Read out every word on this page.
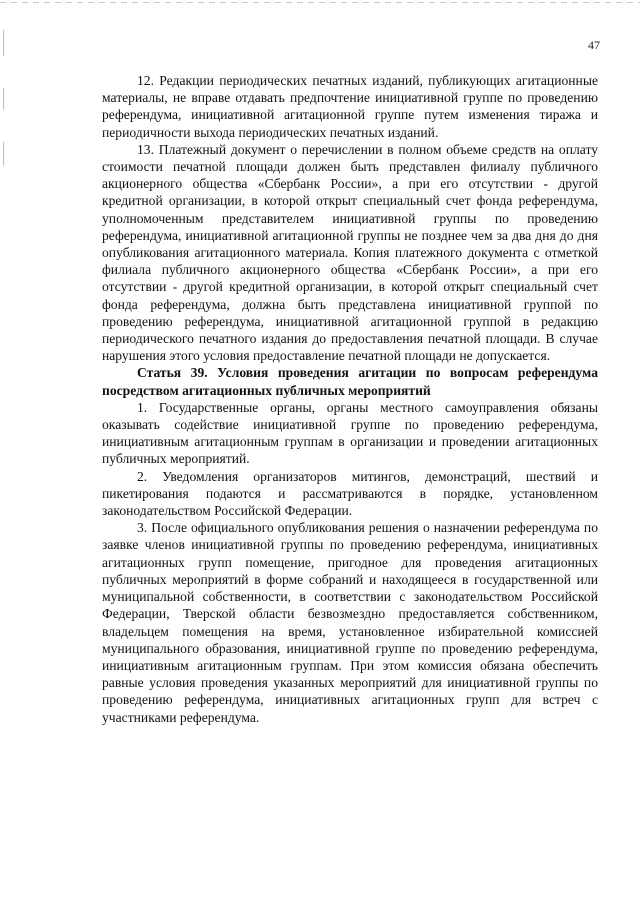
47

12. Редакции периодических печатных изданий, публикующих агитационные материалы, не вправе отдавать предпочтение инициативной группе по проведению референдума, инициативной агитационной группе путем изменения тиража и периодичности выхода периодических печатных изданий.

13. Платежный документ о перечислении в полном объеме средств на оплату стоимости печатной площади должен быть представлен филиалу публичного акционерного общества «Сбербанк России», а при его отсутствии - другой кредитной организации, в которой открыт специальный счет фонда референдума, уполномоченным представителем инициативной группы по проведению референдума, инициативной агитационной группы не позднее чем за два дня до дня опубликования агитационного материала. Копия платежного документа с отметкой филиала публичного акционерного общества «Сбербанк России», а при его отсутствии - другой кредитной организации, в которой открыт специальный счет фонда референдума, должна быть представлена инициативной группой по проведению референдума, инициативной агитационной группой в редакцию периодического печатного издания до предоставления печатной площади. В случае нарушения этого условия предоставление печатной площади не допускается.

Статья 39. Условия проведения агитации по вопросам референдума посредством агитационных публичных мероприятий

1. Государственные органы, органы местного самоуправления обязаны оказывать содействие инициативной группе по проведению референдума, инициативным агитационным группам в организации и проведении агитационных публичных мероприятий.

2. Уведомления организаторов митингов, демонстраций, шествий и пикетирования подаются и рассматриваются в порядке, установленном законодательством Российской Федерации.

3. После официального опубликования решения о назначении референдума по заявке членов инициативной группы по проведению референдума, инициативных агитационных групп помещение, пригодное для проведения агитационных публичных мероприятий в форме собраний и находящееся в государственной или муниципальной собственности, в соответствии с законодательством Российской Федерации, Тверской области безвозмездно предоставляется собственником, владельцем помещения на время, установленное избирательной комиссией муниципального образования, инициативной группе по проведению референдума, инициативным агитационным группам. При этом комиссия обязана обеспечить равные условия проведения указанных мероприятий для инициативной группы по проведению референдума, инициативных агитационных групп для встреч с участниками референдума.
